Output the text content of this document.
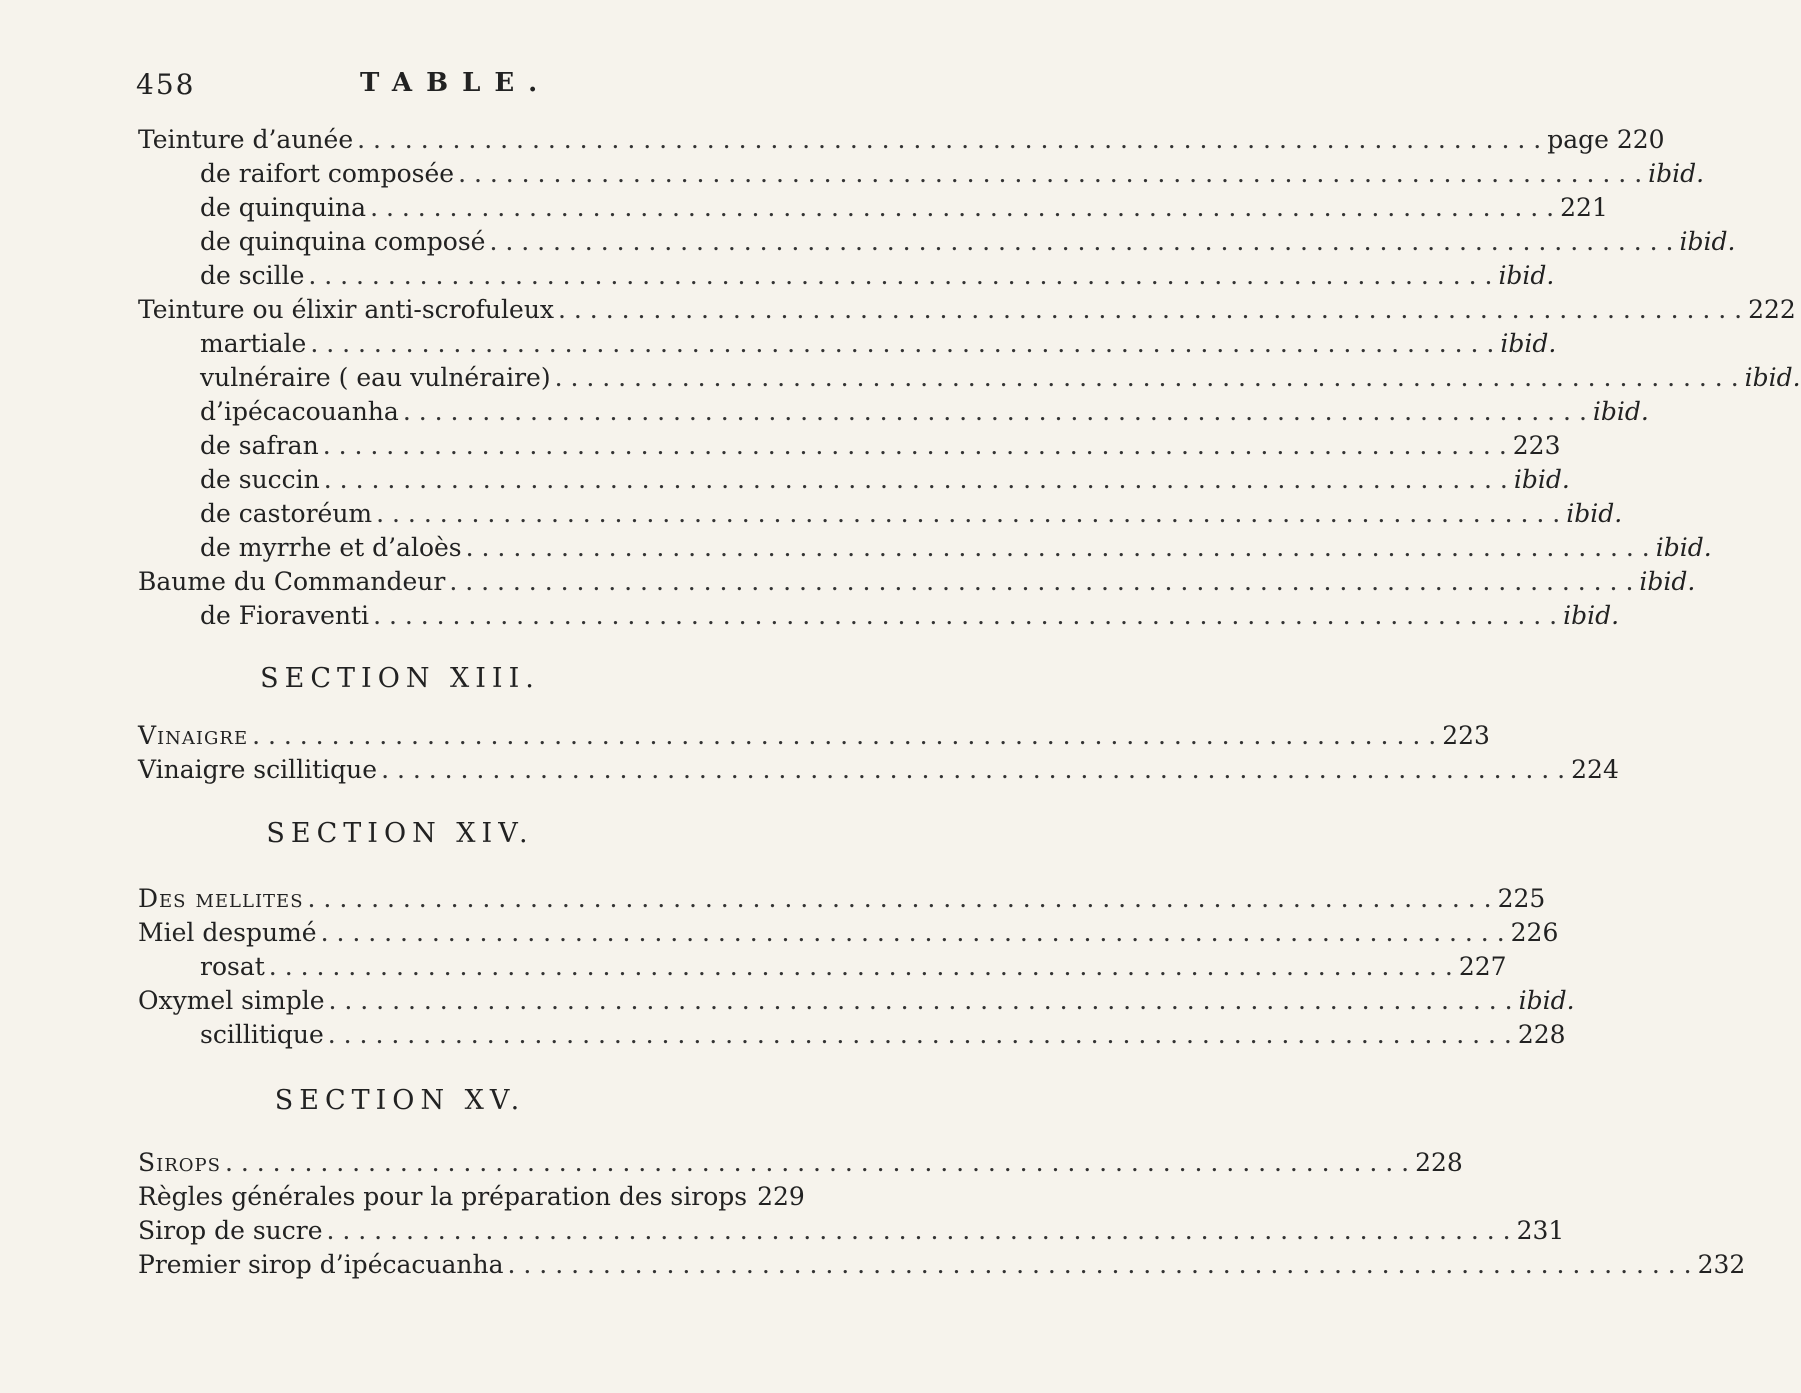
458	TABLE.
Teinture d’aunée . . .	page 220
de raifort composée . . .	ibid.
de quinquina . . .	221
de quinquina composé . . .	ibid.
de scille . . .	ibid.
Teinture ou élixir anti-scrofuleux . . .	222
martiale . . .	ibid.
vulnéraire ( eau vulnéraire) . . .	ibid.
d’ipécacouanha . . .	ibid.
de safran . . .	223
de succin . . .	ibid.
de castoréum . . .	ibid.
de myrrhe et d’aloès . . .	ibid.
Baume du Commandeur . . .	ibid.
de Fioraventi . . .	ibid.
SECTION XIII.
Vinaigre . . .	223
Vinaigre scillitique . . .	224
SECTION XIV.
Des mellites . . .	225
Miel despumé . . .	226
rosat . . .	227
Oxymel simple . . .	ibid.
scillitique . . .	228
SECTION XV.
Sirops . . .	228
Règles générales pour la préparation des sirops 229
Sirop de sucre . . .	231
Premier sirop d’ipécacuanha . . .	232
